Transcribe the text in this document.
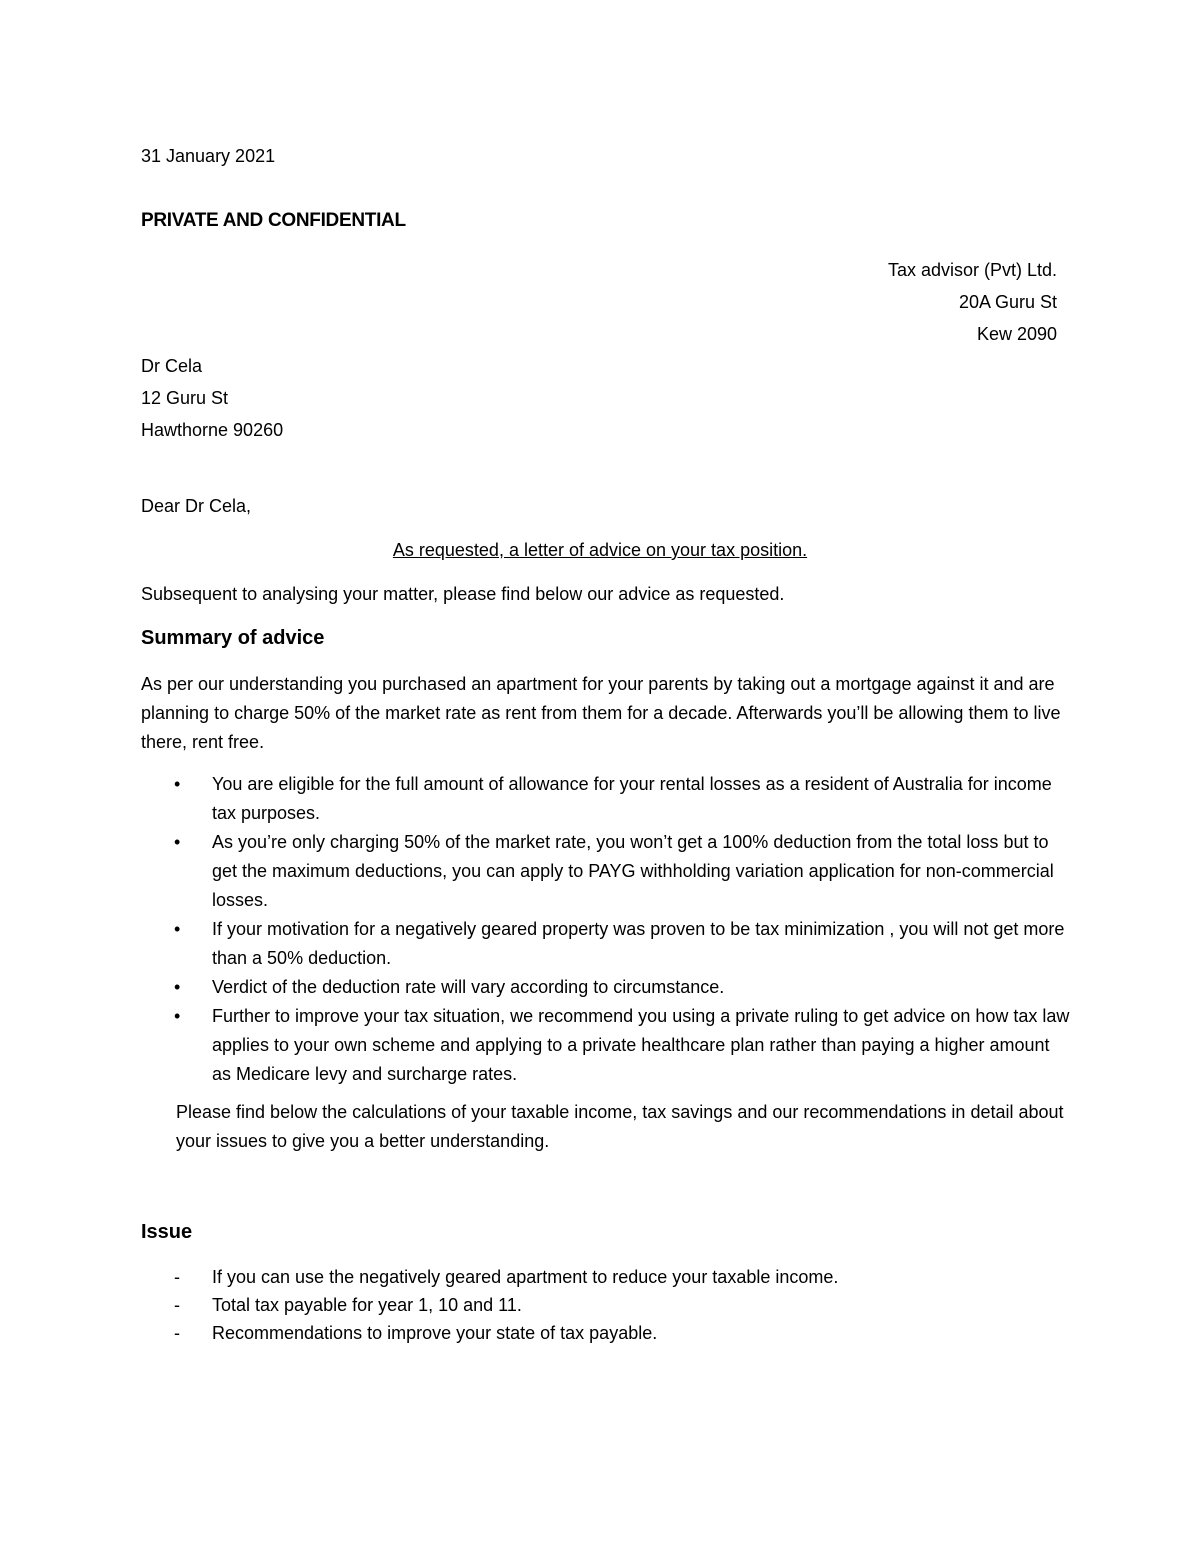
31 January 2021
PRIVATE AND CONFIDENTIAL
Tax advisor (Pvt) Ltd.
20A Guru St
Kew 2090
Dr Cela
12 Guru St
Hawthorne 90260
Dear Dr Cela,
As requested, a letter of advice on your tax position.
Subsequent to analysing your matter, please find below our advice as requested.
Summary of advice
As per our understanding you purchased an apartment for your parents by taking out a mortgage against it and are planning to charge 50% of the market rate as rent from them for a decade. Afterwards you’ll be allowing them to live there, rent free.
• You are eligible for the full amount of allowance for your rental losses as a resident of Australia for income tax purposes.
• As you’re only charging 50% of the market rate, you won’t get a 100% deduction from the total loss but to get the maximum deductions, you can apply to PAYG withholding variation application for non-commercial losses.
• If your motivation for a negatively geared property was proven to be tax minimization , you will not get more than a 50% deduction.
• Verdict of the deduction rate will vary according to circumstance.
• Further to improve your tax situation, we recommend you using a private ruling to get advice on how tax law applies to your own scheme and applying to a private healthcare plan rather than paying a higher amount as Medicare levy and surcharge rates.
Please find below the calculations of your taxable income, tax savings and our recommendations in detail about your issues to give you a better understanding.
Issue
- If you can use the negatively geared apartment to reduce your taxable income.
- Total tax payable for year 1, 10 and 11.
- Recommendations to improve your state of tax payable.
